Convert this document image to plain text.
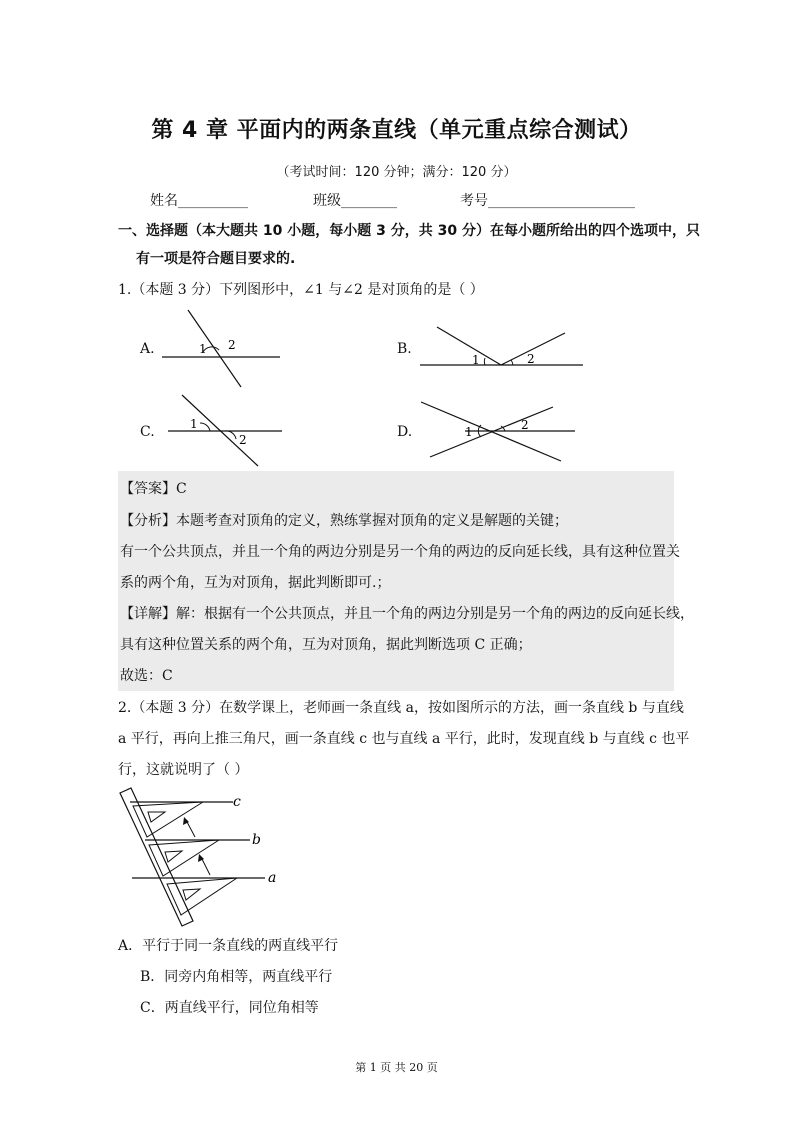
第 4 章 平面内的两条直线（单元重点综合测试）
（考试时间：120 分钟；满分：120 分）
姓名__________	班级________	考号_____________________
一、选择题（本大题共 10 小题，每小题 3 分，共 30 分）在每小题所给出的四个选项中，只
有一项是符合题目要求的.
1.（本题 3 分）下列图形中，∠1 与∠2 是对顶角的是（ ）
A.	1 2	B.
1	2
C.	1
2	D.	1	2
【答案】C
【分析】本题考查对顶角的定义，熟练掌握对顶角的定义是解题的关键；
有一个公共顶点，并且一个角的两边分别是另一个角的两边的反向延长线，具有这种位置关
系的两个角，互为对顶角，据此判断即可.；
【详解】解：根据有一个公共顶点，并且一个角的两边分别是另一个角的两边的反向延长线，
具有这种位置关系的两个角，互为对顶角，据此判断选项 C 正确；
故选：C
2.（本题 3 分）在数学课上，老师画一条直线 a，按如图所示的方法，画一条直线 b 与直线
a 平行，再向上推三角尺，画一条直线 c 也与直线 a 平行，此时，发现直线 b 与直线 c 也平
行，这就说明了（ ）
c
b
a
A．平行于同一条直线的两直线平行
B．同旁内角相等，两直线平行
C．两直线平行，同位角相等
第 1 页 共 20 页
